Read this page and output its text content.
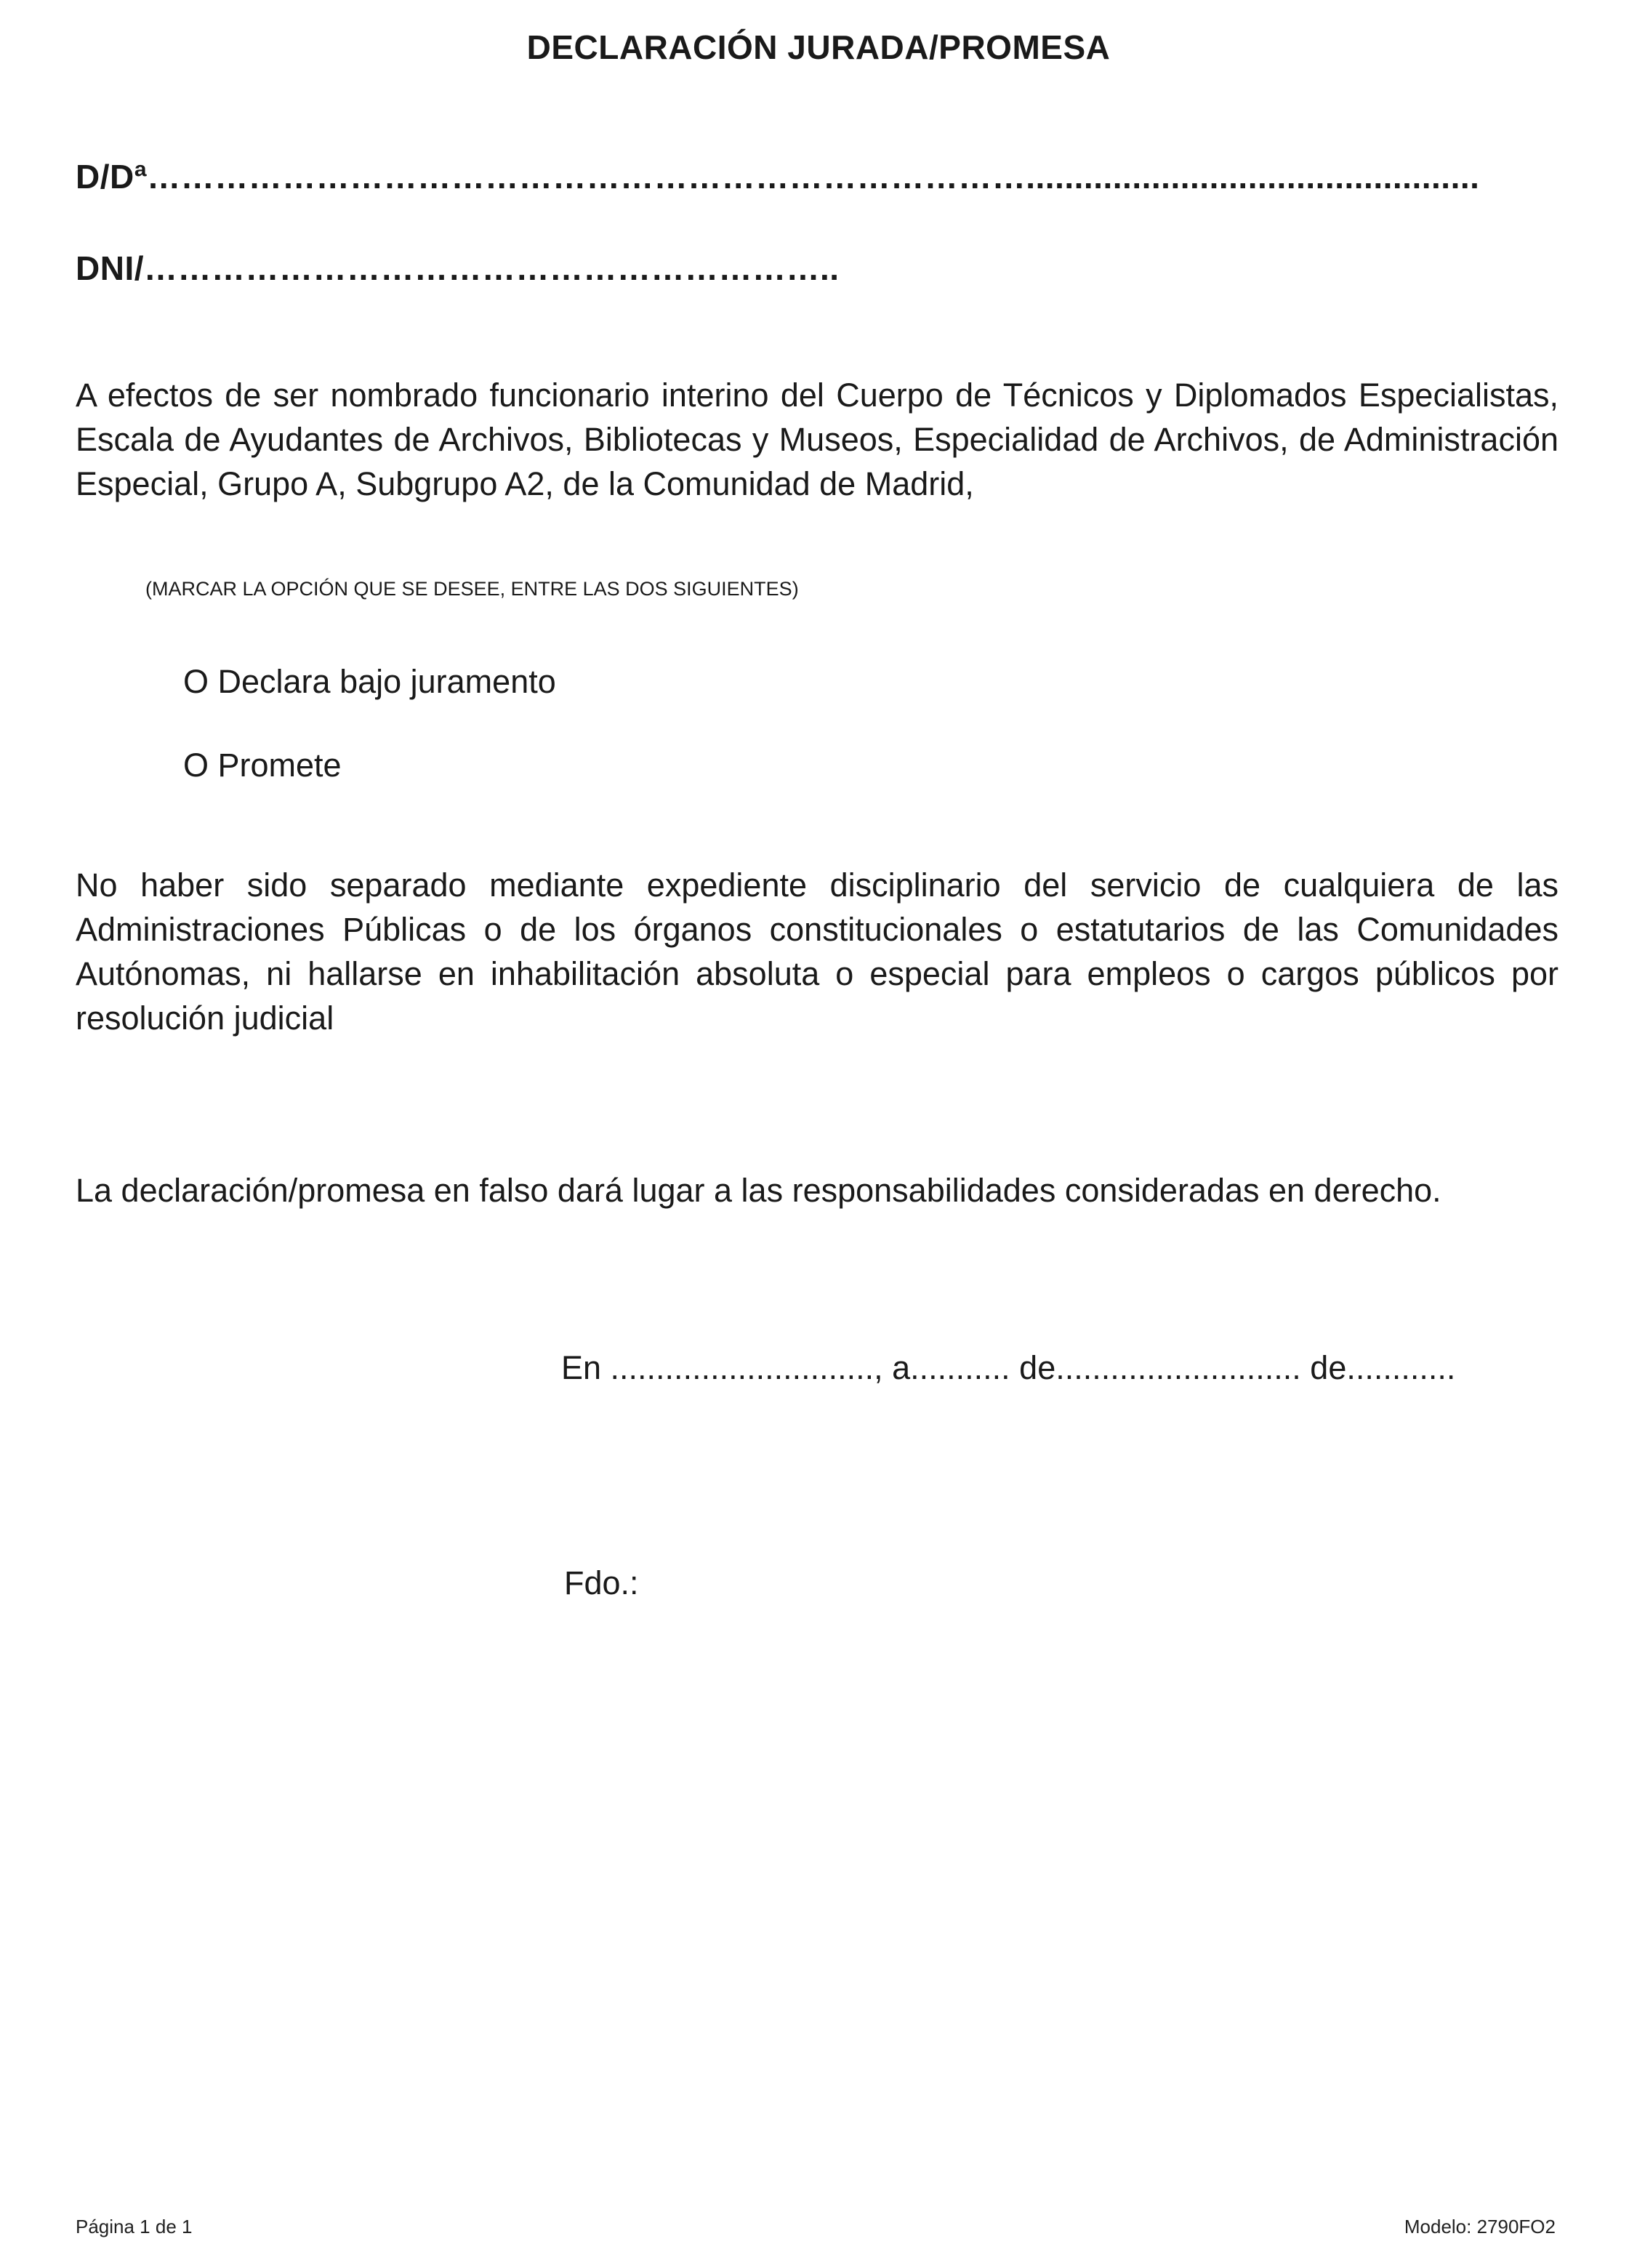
DECLARACIÓN JURADA/PROMESA
D/Dª……………………………………………………………………...............................................
DNI/……………………………………………………..
A efectos de ser nombrado funcionario interino del Cuerpo de Técnicos y Diplomados Especialistas, Escala de Ayudantes de Archivos, Bibliotecas y Museos, Especialidad de Archivos, de Administración Especial, Grupo A, Subgrupo A2, de la Comunidad de Madrid,
(MARCAR LA OPCIÓN QUE SE DESEE, ENTRE LAS DOS SIGUIENTES)
O Declara bajo juramento
O Promete
No haber sido separado mediante expediente disciplinario del servicio de cualquiera de las Administraciones Públicas o de los órganos constitucionales o estatutarios de las Comunidades Autónomas, ni hallarse en inhabilitación absoluta o especial para empleos o cargos públicos por resolución judicial
La declaración/promesa en falso dará lugar a las responsabilidades consideradas en derecho.
En ............................., a........... de........................... de............
Fdo.:
Página 1 de 1	Modelo: 2790FO2
